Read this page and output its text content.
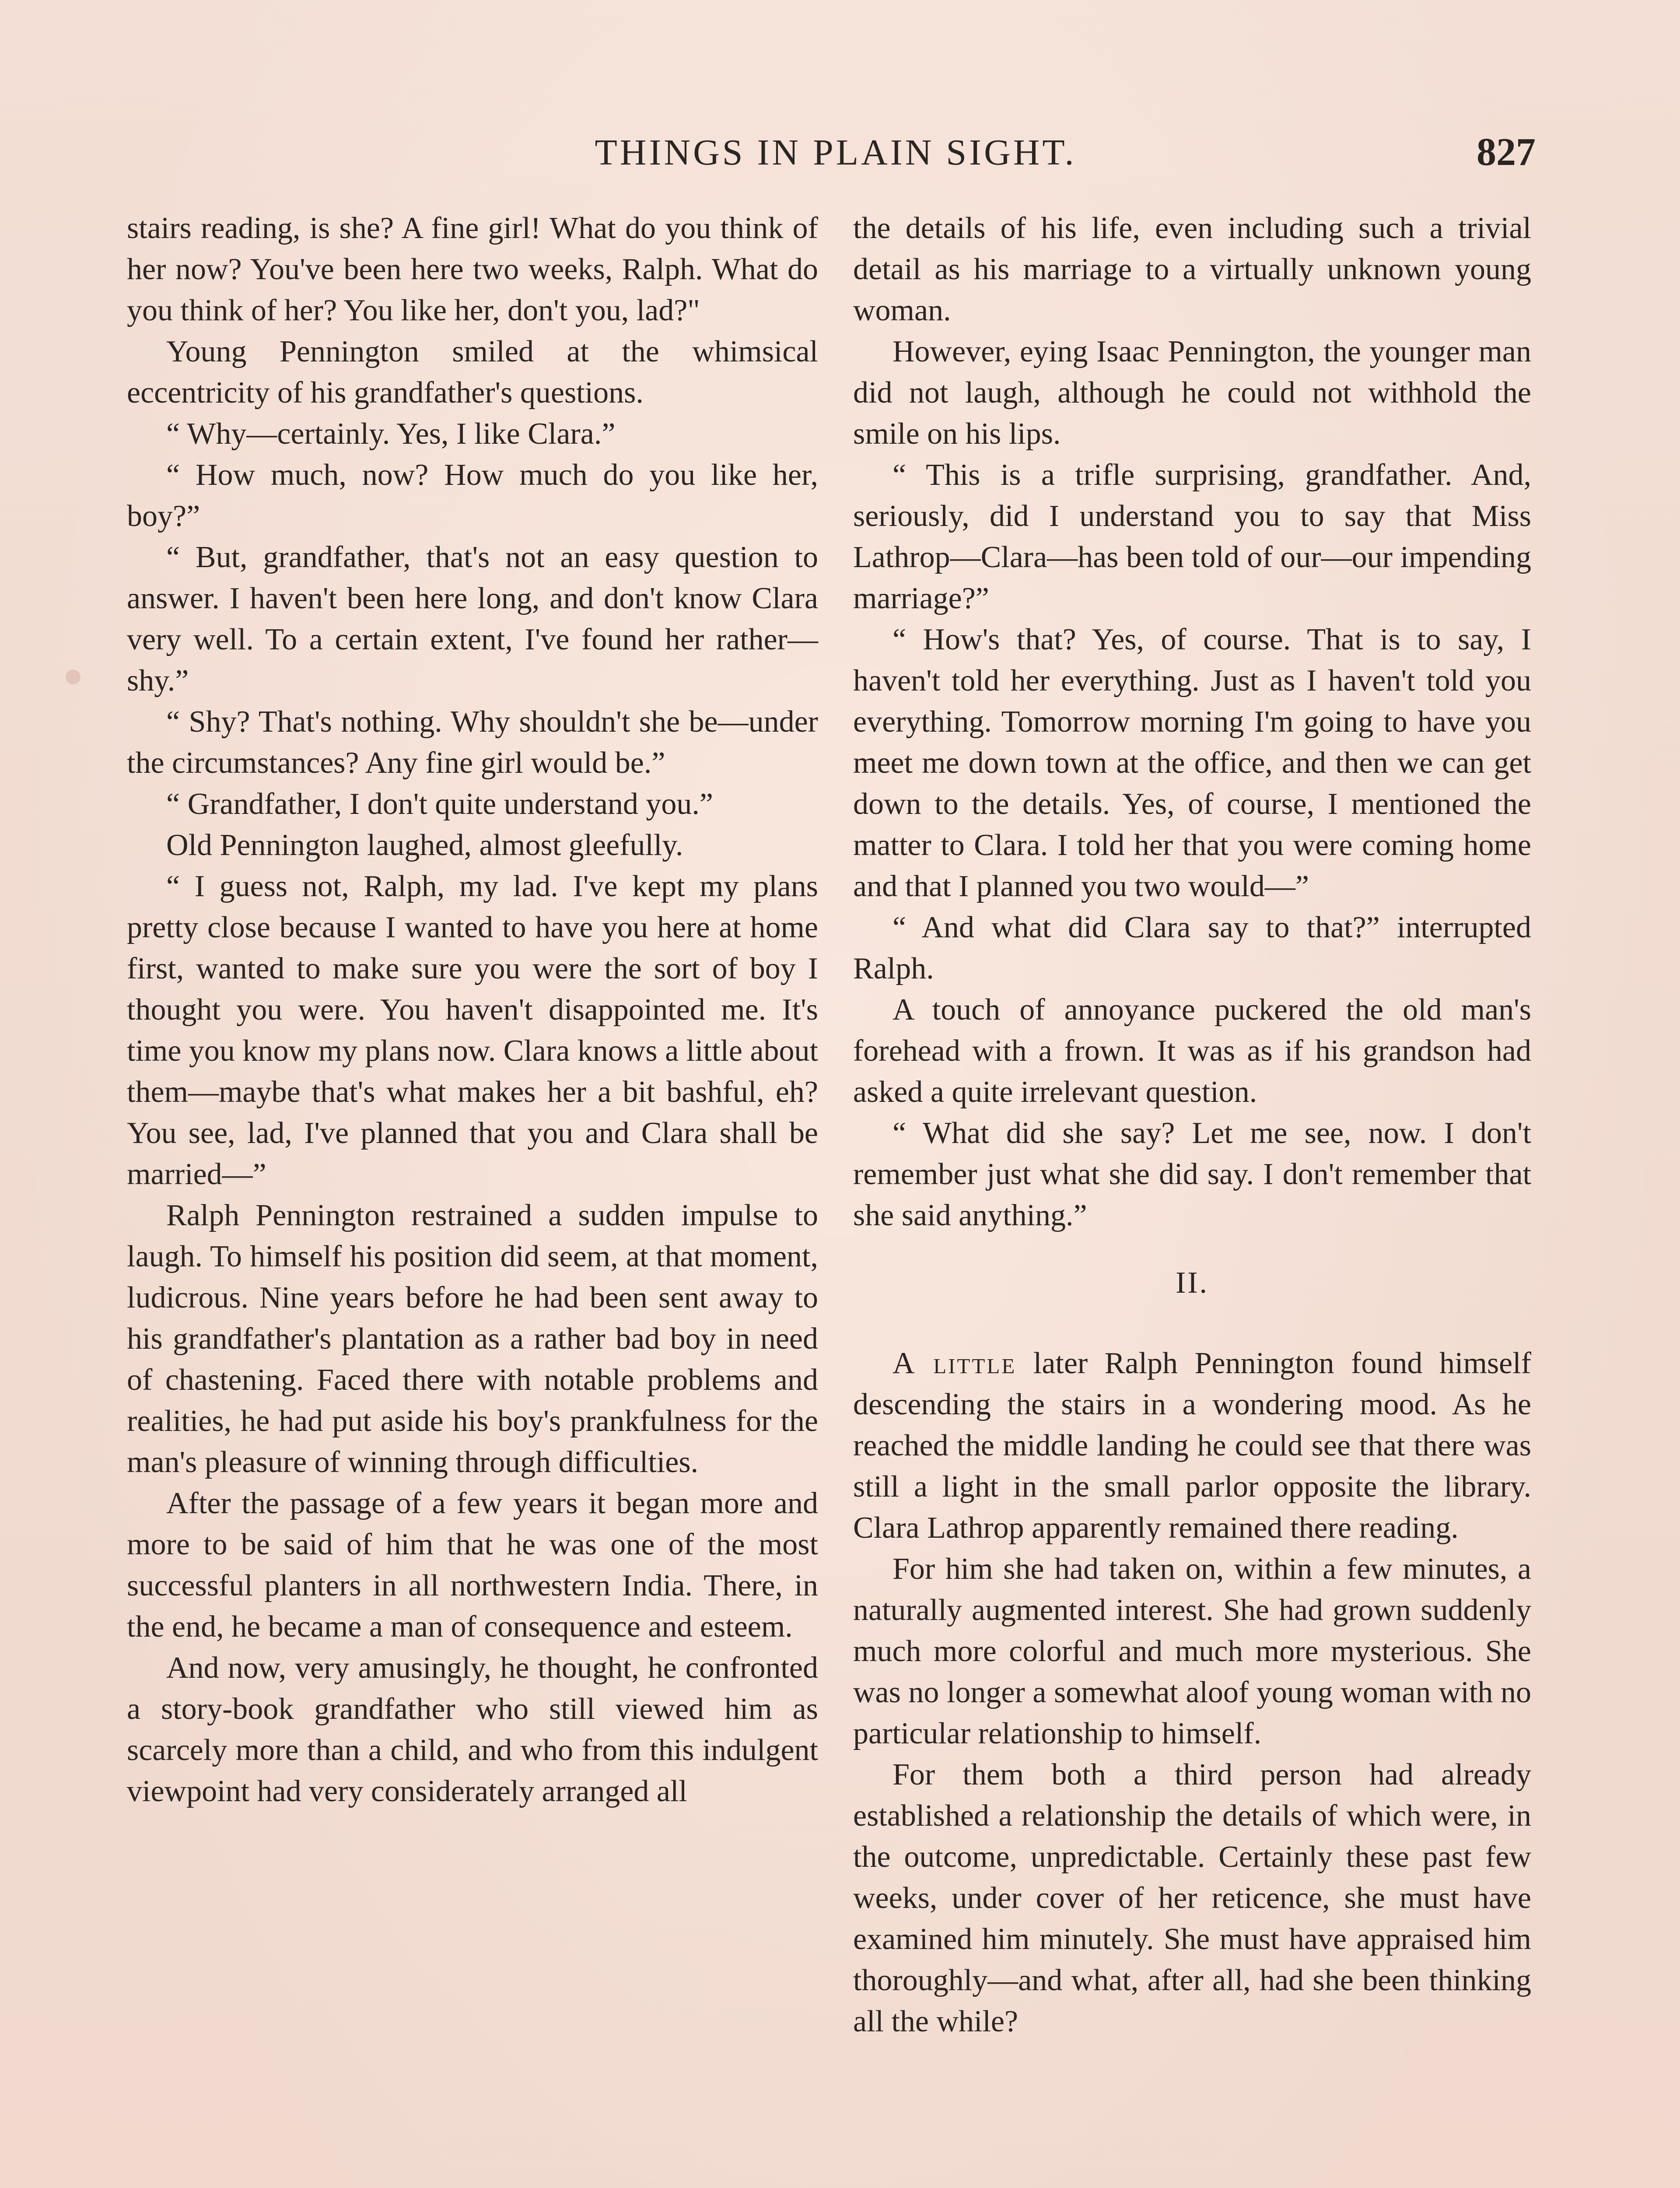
THINGS IN PLAIN SIGHT.	827

stairs reading, is she? A fine girl! What do you think of her now? You've been here two weeks, Ralph. What do you think of her? You like her, don't you, lad?"

Young Pennington smiled at the whimsical eccentricity of his grandfather's questions.

“ Why—certainly. Yes, I like Clara.”

“ How much, now? How much do you like her, boy?”

“ But, grandfather, that's not an easy question to answer. I haven't been here long, and don't know Clara very well. To a certain extent, I've found her rather—shy.”

“ Shy? That's nothing. Why shouldn't she be—under the circumstances? Any fine girl would be.”

“ Grandfather, I don't quite understand you.”

Old Pennington laughed, almost gleefully.

“ I guess not, Ralph, my lad. I've kept my plans pretty close because I wanted to have you here at home first, wanted to make sure you were the sort of boy I thought you were. You haven't disappointed me. It's time you know my plans now. Clara knows a little about them—maybe that's what makes her a bit bashful, eh? You see, lad, I've planned that you and Clara shall be married—”

Ralph Pennington restrained a sudden impulse to laugh. To himself his position did seem, at that moment, ludicrous. Nine years before he had been sent away to his grandfather's plantation as a rather bad boy in need of chastening. Faced there with notable problems and realities, he had put aside his boy's prankfulness for the man's pleasure of winning through difficulties.

After the passage of a few years it began more and more to be said of him that he was one of the most successful planters in all northwestern India. There, in the end, he became a man of consequence and esteem.

And now, very amusingly, he thought, he confronted a story-book grandfather who still viewed him as scarcely more than a child, and who from this indulgent viewpoint had very considerately arranged all

the details of his life, even including such a trivial detail as his marriage to a virtually unknown young woman.

However, eying Isaac Pennington, the younger man did not laugh, although he could not withhold the smile on his lips.

“ This is a trifle surprising, grandfather. And, seriously, did I understand you to say that Miss Lathrop—Clara—has been told of our—our impending marriage?”

“ How's that? Yes, of course. That is to say, I haven't told her everything. Just as I haven't told you everything. Tomorrow morning I'm going to have you meet me down town at the office, and then we can get down to the details. Yes, of course, I mentioned the matter to Clara. I told her that you were coming home and that I planned you two would—”

“ And what did Clara say to that?” interrupted Ralph.

A touch of annoyance puckered the old man's forehead with a frown. It was as if his grandson had asked a quite irrelevant question.

“ What did she say? Let me see, now. I don't remember just what she did say. I don't remember that she said anything.”

II.

A little later Ralph Pennington found himself descending the stairs in a wondering mood. As he reached the middle landing he could see that there was still a light in the small parlor opposite the library. Clara Lathrop apparently remained there reading.

For him she had taken on, within a few minutes, a naturally augmented interest. She had grown suddenly much more colorful and much more mysterious. She was no longer a somewhat aloof young woman with no particular relationship to himself.

For them both a third person had already established a relationship the details of which were, in the outcome, unpredictable. Certainly these past few weeks, under cover of her reticence, she must have examined him minutely. She must have appraised him thoroughly—and what, after all, had she been thinking all the while?
